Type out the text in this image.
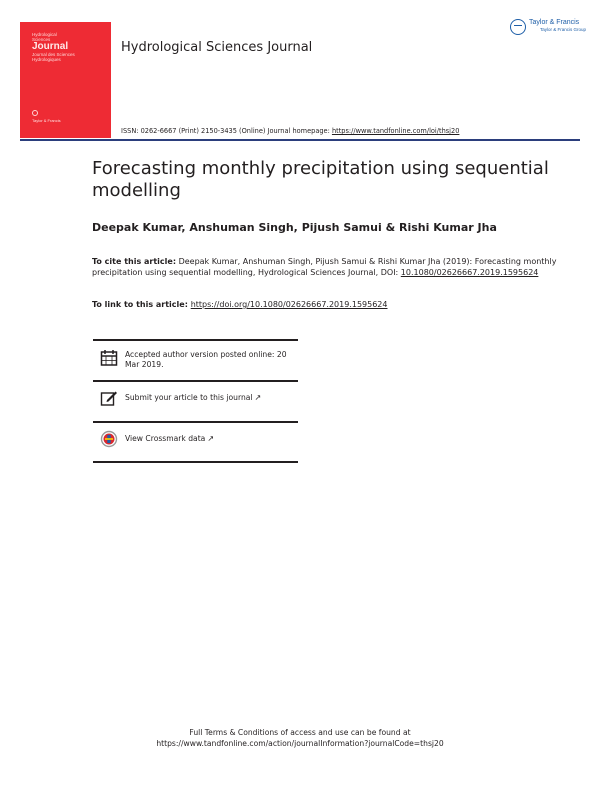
Hydrological
Sciences
Journal
Journal des Sciences Hydrologiques
Taylor & Francis
Hydrological Sciences Journal
ISSN: 0262-6667 (Print) 2150-3435 (Online) Journal homepage: https://www.tandfonline.com/loi/thsj20
Taylor & Francis
Taylor & Francis Group
Forecasting monthly precipitation using sequential modelling
Deepak Kumar, Anshuman Singh, Pijush Samui & Rishi Kumar Jha
To cite this article: Deepak Kumar, Anshuman Singh, Pijush Samui & Rishi Kumar Jha (2019): Forecasting monthly precipitation using sequential modelling, Hydrological Sciences Journal, DOI: 10.1080/02626667.2019.1595624
To link to this article: https://doi.org/10.1080/02626667.2019.1595624
Accepted author version posted online: 20 Mar 2019.
Submit your article to this journal ↗
View Crossmark data ↗
Full Terms & Conditions of access and use can be found at
https://www.tandfonline.com/action/journalInformation?journalCode=thsj20
